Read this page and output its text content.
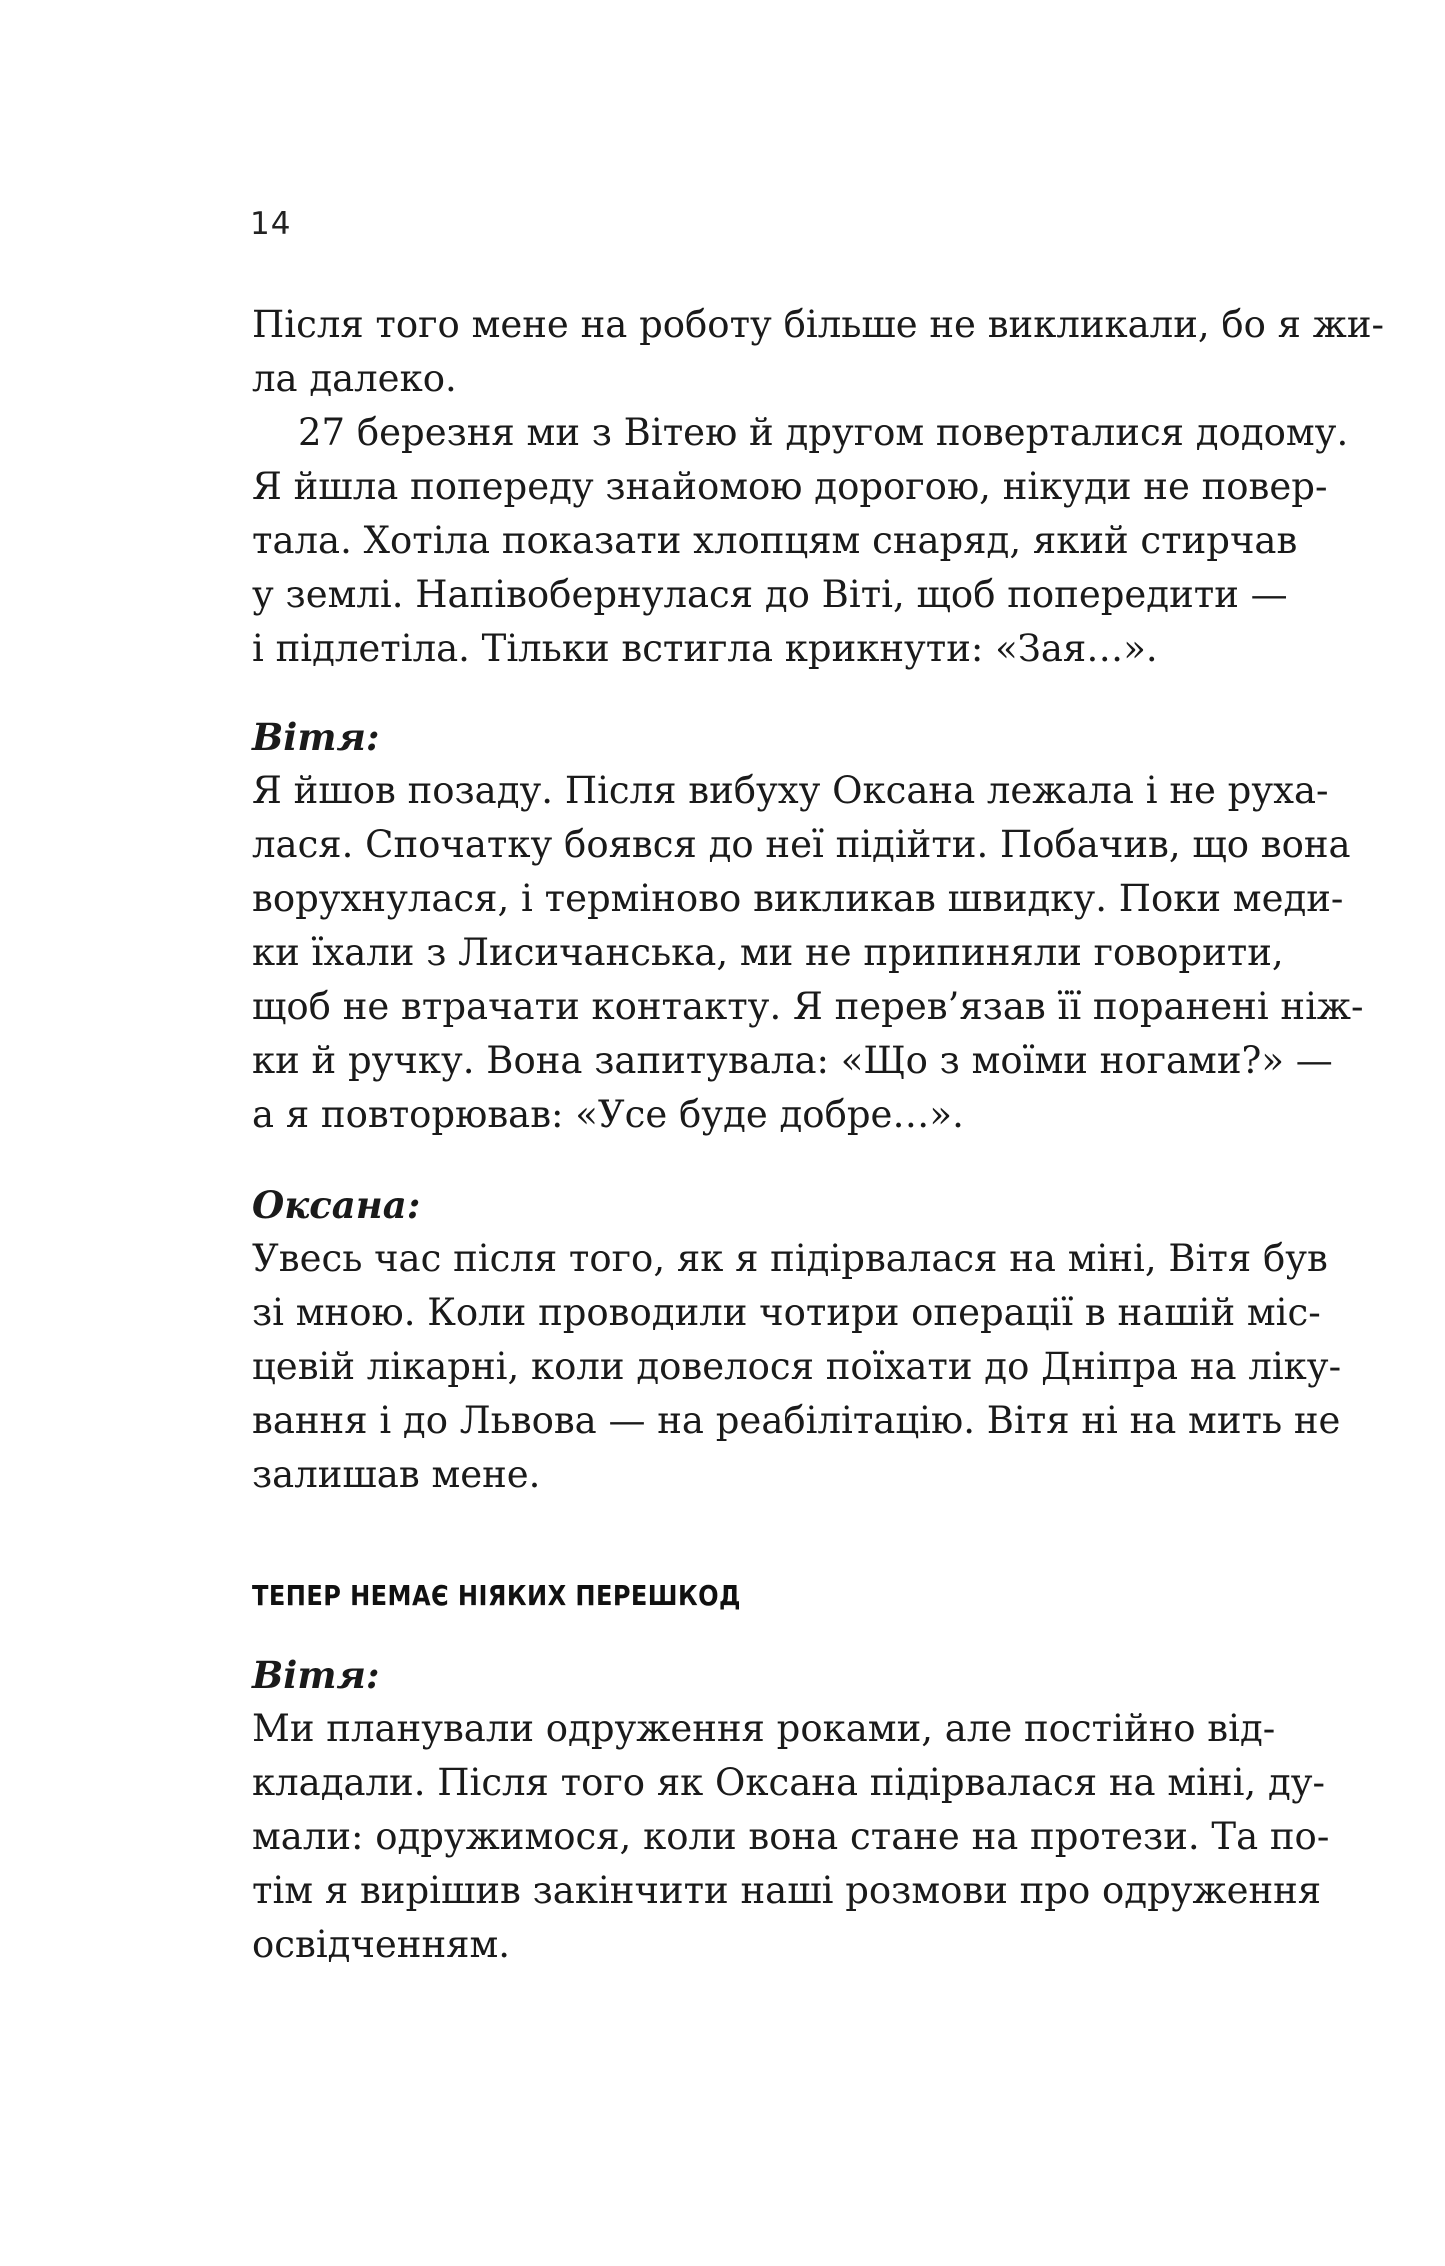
14
Після того мене на роботу більше не викликали, бо я жи-
ла далеко.
27 березня ми з Вітею й другом поверталися додому.
Я йшла попереду знайомою дорогою, нікуди не повер-
тала. Хотіла показати хлопцям снаряд, який стирчав
у землі. Напівобернулася до Віті, щоб попередити —
і підлетіла. Тільки встигла крикнути: «Зая…».
Вітя:
Я йшов позаду. Після вибуху Оксана лежала і не руха-
лася. Спочатку боявся до неї підійти. Побачив, що вона
ворухнулася, і терміново викликав швидку. Поки меди-
ки їхали з Лисичанська, ми не припиняли говорити,
щоб не втрачати контакту. Я перев’язав її поранені ніж-
ки й ручку. Вона запитувала: «Що з моїми ногами?» —
а я повторював: «Усе буде добре…».
Оксана:
Увесь час після того, як я підірвалася на міні, Вітя був
зі мною. Коли проводили чотири операції в нашій міс-
цевій лікарні, коли довелося поїхати до Дніпра на ліку-
вання і до Львова — на реабілітацію. Вітя ні на мить не
залишав мене.
ТЕПЕР НЕМАЄ НІЯКИХ ПЕРЕШКОД
Вітя:
Ми планували одруження роками, але постійно від-
кладали. Після того як Оксана підірвалася на міні, ду-
мали: одружимося, коли вона стане на протези. Та по-
тім я вирішив закінчити наші розмови про одруження
освідченням.
